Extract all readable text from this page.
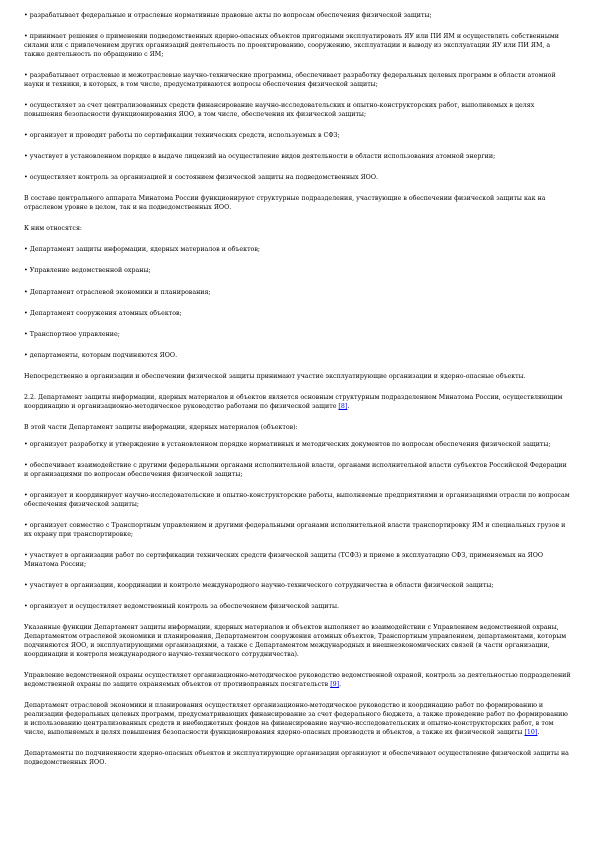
• разрабатывает федеральные и отраслевые нормативные правовые акты по вопросам обеспечения физической защиты;

• принимает решения о применении подведомственных ядерно-опасных объектов пригодными эксплуатировать ЯУ или ПИ ЯМ и осуществлять собственными силами или с привлечением других организаций деятельность по проектированию, сооружению, эксплуатации и выводу из эксплуатации ЯУ или ПИ ЯМ, а также деятельность по обращению с ЯМ;

• разрабатывает отраслевые и межотраслевые научно-технические программы, обеспечивает разработку федеральных целевых программ в области атомной науки и техники, в которых, в том числе, предусматриваются вопросы обеспечения физической защиты;

• осуществляет за счет централизованных средств финансирование научно-исследовательских и опытно-конструкторских работ, выполняемых в целях повышения безопасности функционирования ЯОО, в том числе, обеспечения их физической защиты;

• организует и проводит работы по сертификации технических средств, используемых в СФЗ;

• участвует в установленном порядке в выдаче лицензий на осуществление видов деятельности в области использования атомной энергии;

• осуществляет контроль за организацией и состоянием физической защиты на подведомственных ЯОО.

В составе центрального аппарата Минатома России функционируют структурные подразделения, участвующие в обеспечении физической защиты как на отраслевом уровне в целом, так и на подведомственных ЯОО.

К ним относятся:

• Департамент защиты информации, ядерных материалов и объектов;

• Управление ведомственной охраны;

• Департамент отраслевой экономики и планирования;

• Департамент сооружения атомных объектов;

• Транспортное управление;

• департаменты, которым подчиняются ЯОО.

Непосредственно в организации и обеспечении физической защиты принимают участие эксплуатирующие организации и ядерно-опасные объекты.

2.2. Департамент защиты информации, ядерных материалов и объектов является основным структурным подразделением Минатома России, осуществляющим координацию и организационно-методическое руководство работами по физической защите [8].

В этой части Департамент защиты информации, ядерных материалов (объектов):

• организует разработку и утверждение в установленном порядке нормативных и методических документов по вопросам обеспечения физической защиты;

• обеспечивает взаимодействие с другими федеральными органами исполнительной власти, органами исполнительной власти субъектов Российской Федерации и организациями по вопросам обеспечения физической защиты;

• организует и координирует научно-исследовательские и опытно-конструкторские работы, выполняемые предприятиями и организациями отрасли по вопросам обеспечения физической защиты;

• организует совместно с Транспортным управлением и другими федеральными органами исполнительной власти транспортировку ЯМ и специальных грузов и их охрану при транспортировке;

• участвует в организации работ по сертификации технических средств физической защиты (ТСФЗ) и приеме в эксплуатацию СФЗ, применяемых на ЯОО Минатома России;

• участвует в организации, координации и контроле международного научно-технического сотрудничества в области физической защиты;

• организует и осуществляет ведомственный контроль за обеспечением физической защиты.

Указанные функции Департамент защиты информации, ядерных материалов и объектов выполняет во взаимодействии с Управлением ведомственной охраны, Департаментом отраслевой экономики и планирования, Департаментом сооружения атомных объектов, Транспортным управлением, департаментами, которым подчиняются ЯОО, и эксплуатирующими организациями, а также с Департаментом международных и внешнеэкономических связей (в части организации, координации и контроля международного научно-технического сотрудничества).

Управление ведомственной охраны осуществляет организационно-методическое руководство ведомственной охраной, контроль за деятельностью подразделений ведомственной охраны по защите охраняемых объектов от противоправных посягательств [9].

Департамент отраслевой экономики и планирования осуществляет организационно-методическое руководство и координацию работ по формированию и реализации федеральных целевых программ, предусматривающих финансирование за счет федерального бюджета, а также проведение работ по формированию и использованию централизованных средств и внебюджетных фондов на финансирование научно-исследовательских и опытно-конструкторских работ, в том числе, выполняемых в целях повышения безопасности функционирования ядерно-опасных производств и объектов, а также их физической защиты [10].

Департаменты по подчиненности ядерно-опасных объектов и эксплуатирующие организации организуют и обеспечивают осуществление физической защиты на подведомственных ЯОО.
